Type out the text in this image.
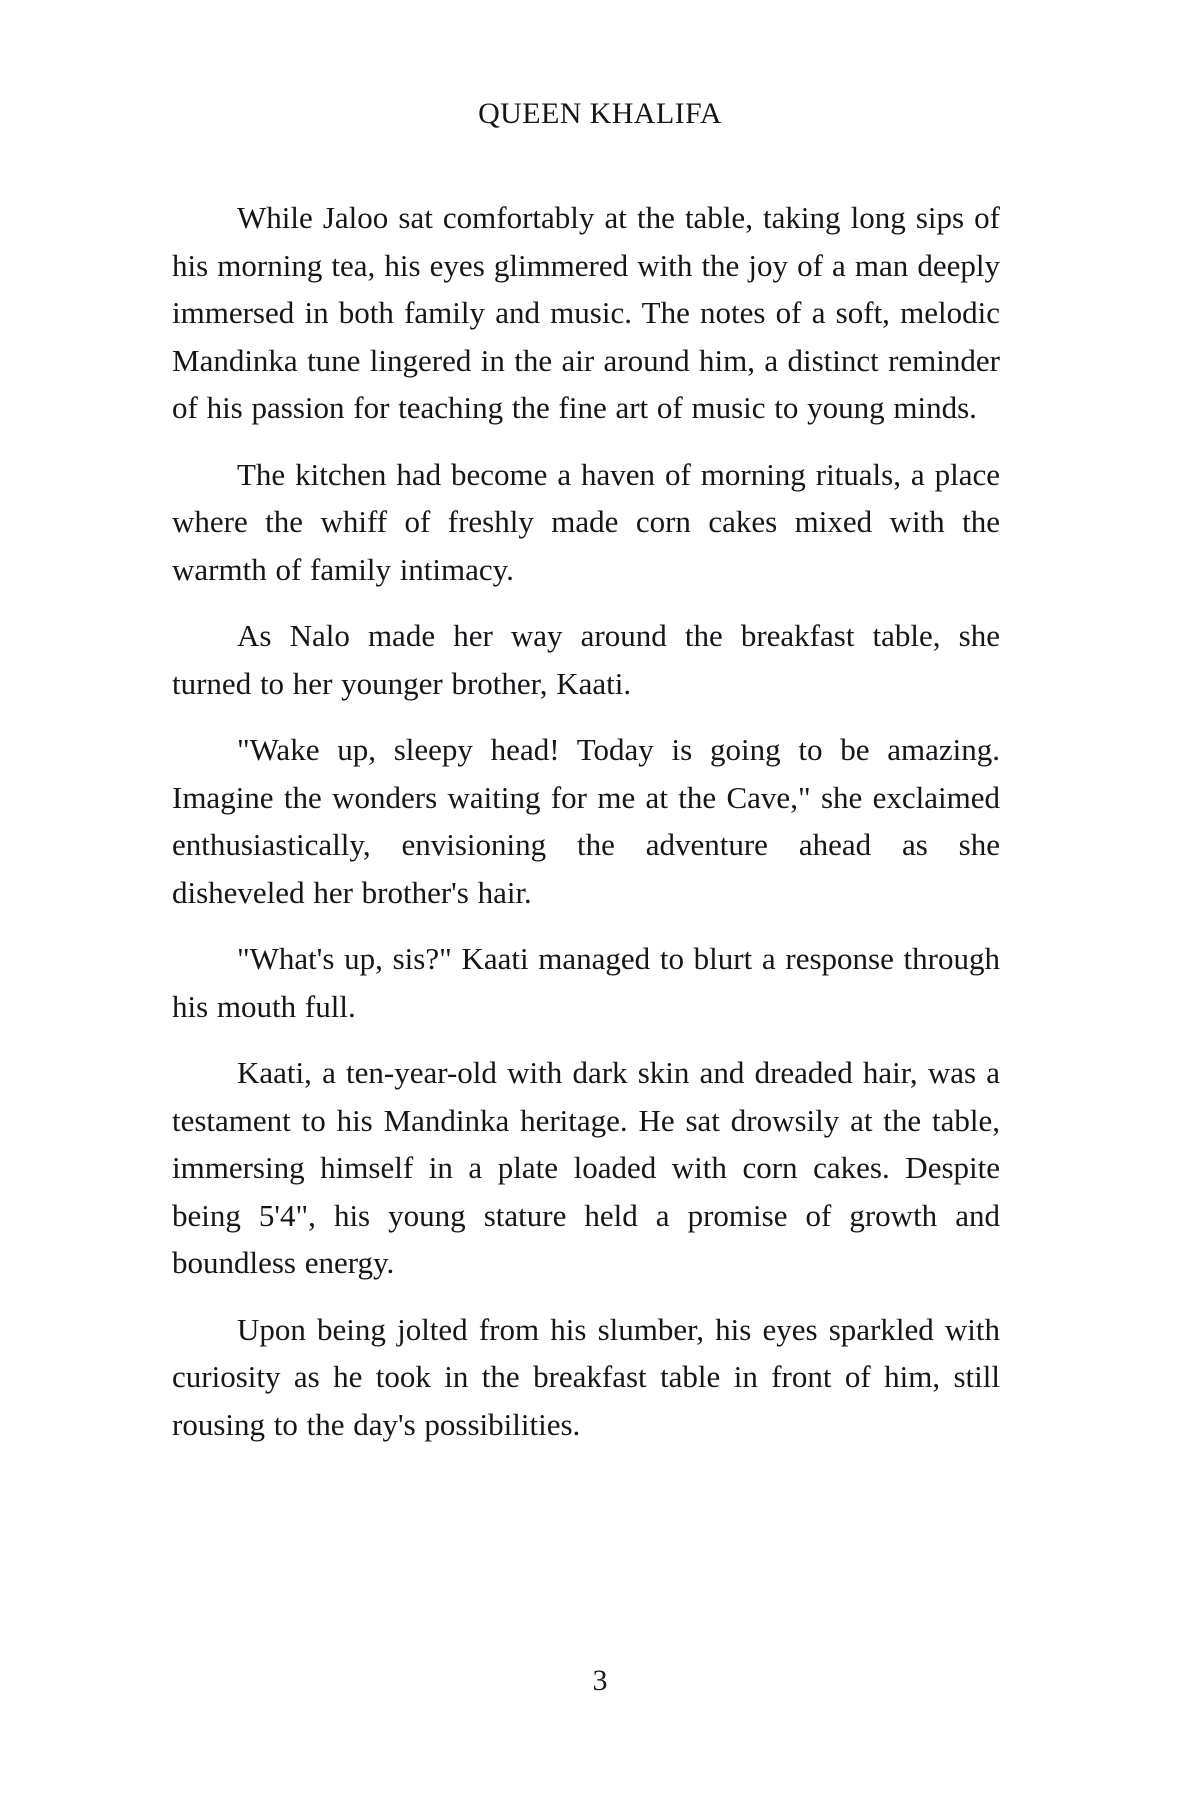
QUEEN KHALIFA

While Jaloo sat comfortably at the table, taking long sips of his morning tea, his eyes glimmered with the joy of a man deeply immersed in both family and music. The notes of a soft, melodic Mandinka tune lingered in the air around him, a distinct reminder of his passion for teaching the fine art of music to young minds.

The kitchen had become a haven of morning rituals, a place where the whiff of freshly made corn cakes mixed with the warmth of family intimacy.

As Nalo made her way around the breakfast table, she turned to her younger brother, Kaati.

"Wake up, sleepy head! Today is going to be amazing. Imagine the wonders waiting for me at the Cave," she exclaimed enthusiastically, envisioning the adventure ahead as she disheveled her brother's hair.

"What's up, sis?" Kaati managed to blurt a response through his mouth full.

Kaati, a ten-year-old with dark skin and dreaded hair, was a testament to his Mandinka heritage. He sat drowsily at the table, immersing himself in a plate loaded with corn cakes. Despite being 5'4", his young stature held a promise of growth and boundless energy.

Upon being jolted from his slumber, his eyes sparkled with curiosity as he took in the breakfast table in front of him, still rousing to the day's possibilities.

3
